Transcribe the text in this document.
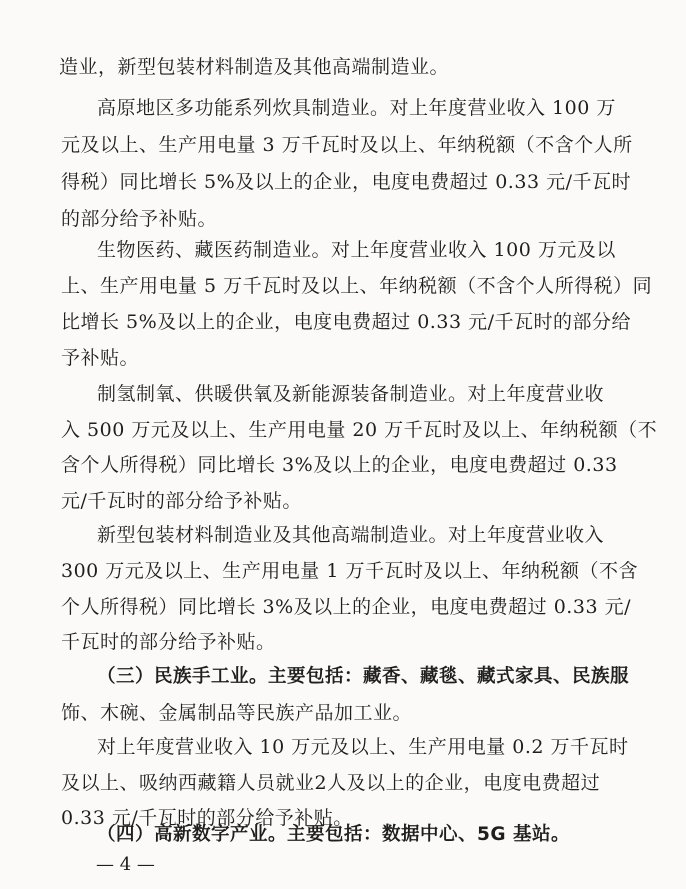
造业，新型包装材料制造及其他高端制造业。
高原地区多功能系列炊具制造业。对上年度营业收入 100 万
元及以上、生产用电量 3 万千瓦时及以上、年纳税额（不含个人所
得税）同比增长 5%及以上的企业，电度电费超过 0.33 元/千瓦时
的部分给予补贴。
生物医药、藏医药制造业。对上年度营业收入 100 万元及以
上、生产用电量 5 万千瓦时及以上、年纳税额（不含个人所得税）同
比增长 5%及以上的企业，电度电费超过 0.33 元/千瓦时的部分给
予补贴。
制氢制氧、供暖供氧及新能源装备制造业。对上年度营业收
入 500 万元及以上、生产用电量 20 万千瓦时及以上、年纳税额（不
含个人所得税）同比增长 3%及以上的企业，电度电费超过 0.33
元/千瓦时的部分给予补贴。
新型包装材料制造业及其他高端制造业。对上年度营业收入
300 万元及以上、生产用电量 1 万千瓦时及以上、年纳税额（不含
个人所得税）同比增长 3%及以上的企业，电度电费超过 0.33 元/
千瓦时的部分给予补贴。
（三）民族手工业。主要包括：藏香、藏毯、藏式家具、民族服
饰、木碗、金属制品等民族产品加工业。
对上年度营业收入 10 万元及以上、生产用电量 0.2 万千瓦时
及以上、吸纳西藏籍人员就业2人及以上的企业，电度电费超过
0.33 元/千瓦时的部分给予补贴。
（四）高新数字产业。主要包括：数据中心、5G 基站。
— 4 —
